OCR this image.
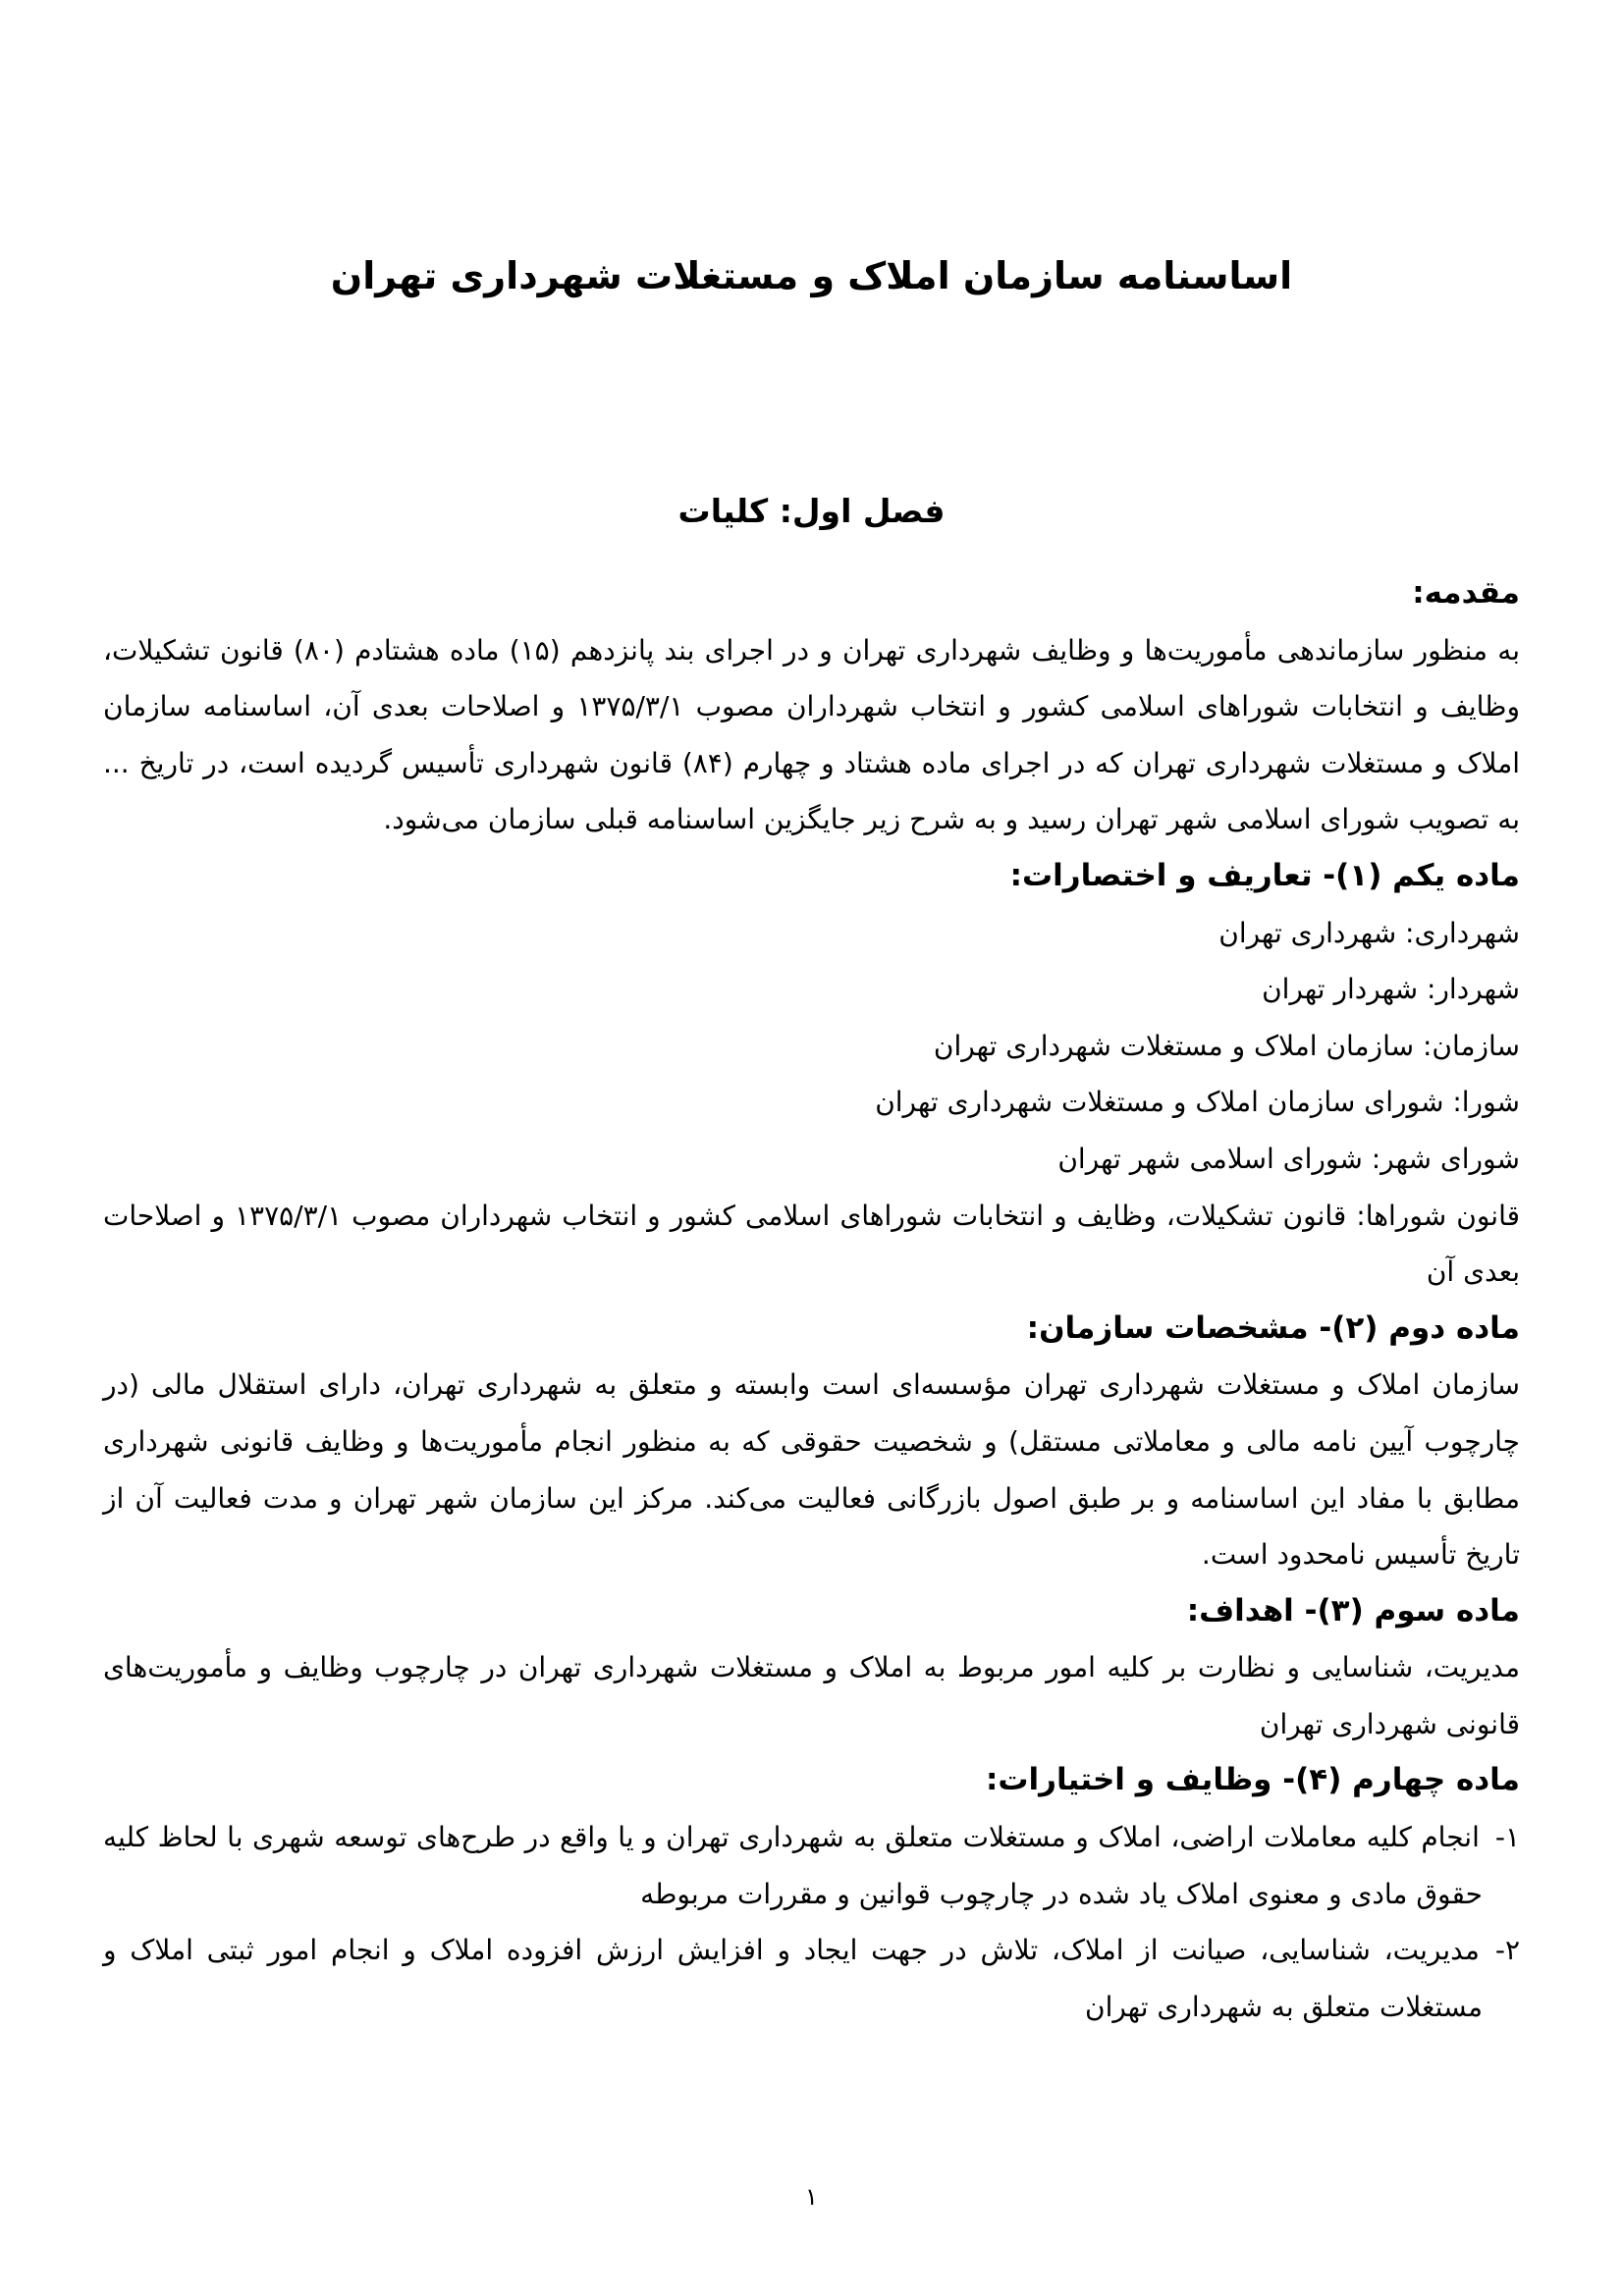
اساسنامه سازمان املاک و مستغلات شهرداری تهران
فصل اول: کلیات
مقدمه:

به منظور سازماندهی مأموریت‌ها و وظایف شهرداری تهران و در اجرای بند پانزدهم (۱۵) ماده هشتادم (۸۰) قانون تشکیلات، وظایف و انتخابات شوراهای اسلامی کشور و انتخاب شهرداران مصوب ۱۳۷۵/۳/۱ و اصلاحات بعدی آن، اساسنامه سازمان املاک و مستغلات شهرداری تهران که در اجرای ماده هشتاد و چهارم (۸۴) قانون شهرداری تأسیس گردیده است، در تاریخ ... به تصویب شورای اسلامی شهر تهران رسید و به شرح زیر جایگزین اساسنامه قبلی سازمان می‌شود.

ماده یکم (۱)- تعاریف و اختصارات:

شهرداری: شهرداری تهران

شهردار: شهردار تهران

سازمان: سازمان املاک و مستغلات شهرداری تهران

شورا: شورای سازمان املاک و مستغلات شهرداری تهران

شورای شهر: شورای اسلامی شهر تهران

قانون شوراها: قانون تشکیلات، وظایف و انتخابات شوراهای اسلامی کشور و انتخاب شهرداران مصوب ۱۳۷۵/۳/۱ و اصلاحات بعدی آن

ماده دوم (۲)- مشخصات سازمان:

سازمان املاک و مستغلات شهرداری تهران مؤسسه‌ای است وابسته و متعلق به شهرداری تهران، دارای استقلال مالی (در چارچوب آیین نامه مالی و معاملاتی مستقل) و شخصیت حقوقی که به منظور انجام مأموریت‌ها و وظایف قانونی شهرداری مطابق با مفاد این اساسنامه و بر طبق اصول بازرگانی فعالیت می‌کند. مرکز این سازمان شهر تهران و مدت فعالیت آن از تاریخ تأسیس نامحدود است.

ماده سوم (۳)- اهداف:

مدیریت، شناسایی و نظارت بر کلیه امور مربوط به املاک و مستغلات شهرداری تهران در چارچوب وظایف و مأموریت‌های قانونی شهرداری تهران

ماده چهارم (۴)- وظایف و اختیارات:

۱-انجام کلیه معاملات اراضی، املاک و مستغلات متعلق به شهرداری تهران و یا واقع در طرح‌های توسعه شهری با لحاظ کلیه حقوق مادی و معنوی املاک یاد شده در چارچوب قوانین و مقررات مربوطه

۲-مدیریت، شناسایی، صیانت از املاک، تلاش در جهت ایجاد و افزایش ارزش افزوده املاک و انجام امور ثبتی املاک و مستغلات متعلق به شهرداری تهران

۱
